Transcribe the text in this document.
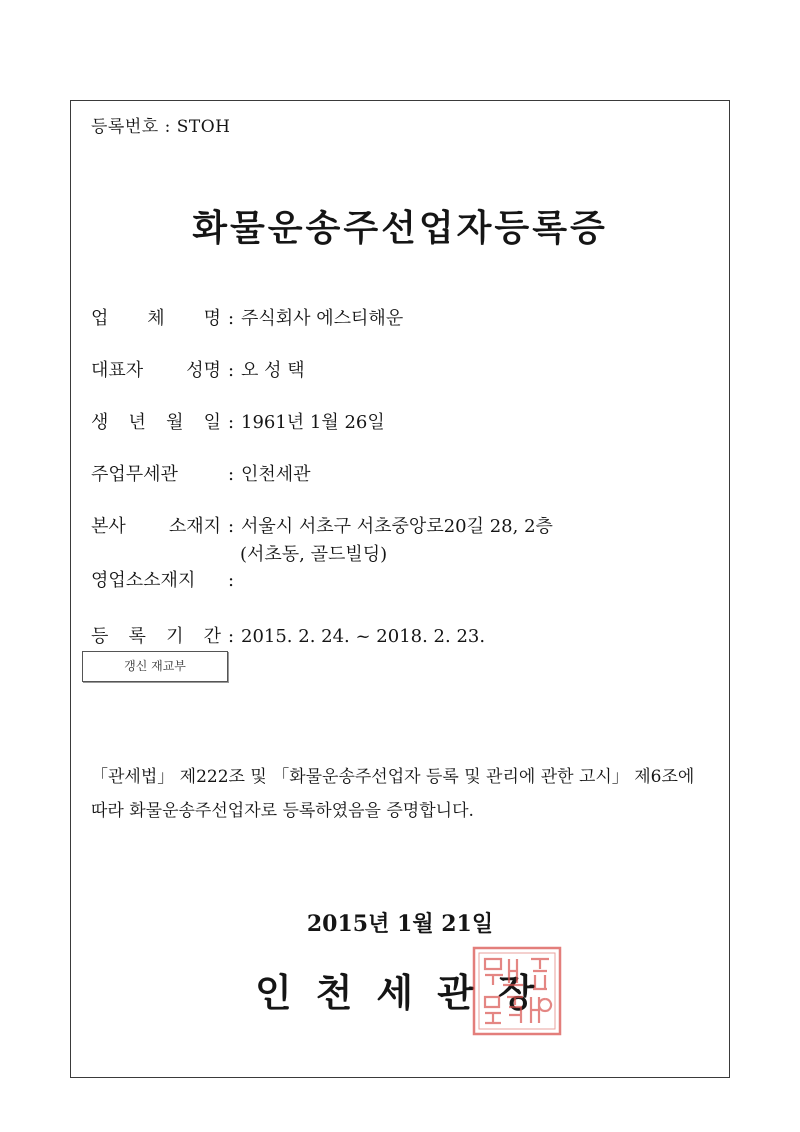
등록번호 : STOH
화물운송주선업자등록증
업 체 명 : 주식회사 에스티해운
대표자 성명 : 오 성 택
생 년 월 일 : 1961년 1월 26일
주업무세관	: 인천세관
본사 소재지 : 서울시 서초구 서초중앙로20길 28, 2층
(서초동, 골드빌딩)
영업소소재지 :
등 록 기 간 : 2015. 2. 24. ~ 2018. 2. 23.
갱신 재교부
「관세법」 제222조 및 「화물운송주선업자 등록 및 관리에 관한 고시」 제6조에 따라 화물운송주선업자로 등록하였음을 증명합니다.
2015년 1월 21일
인천세관장
